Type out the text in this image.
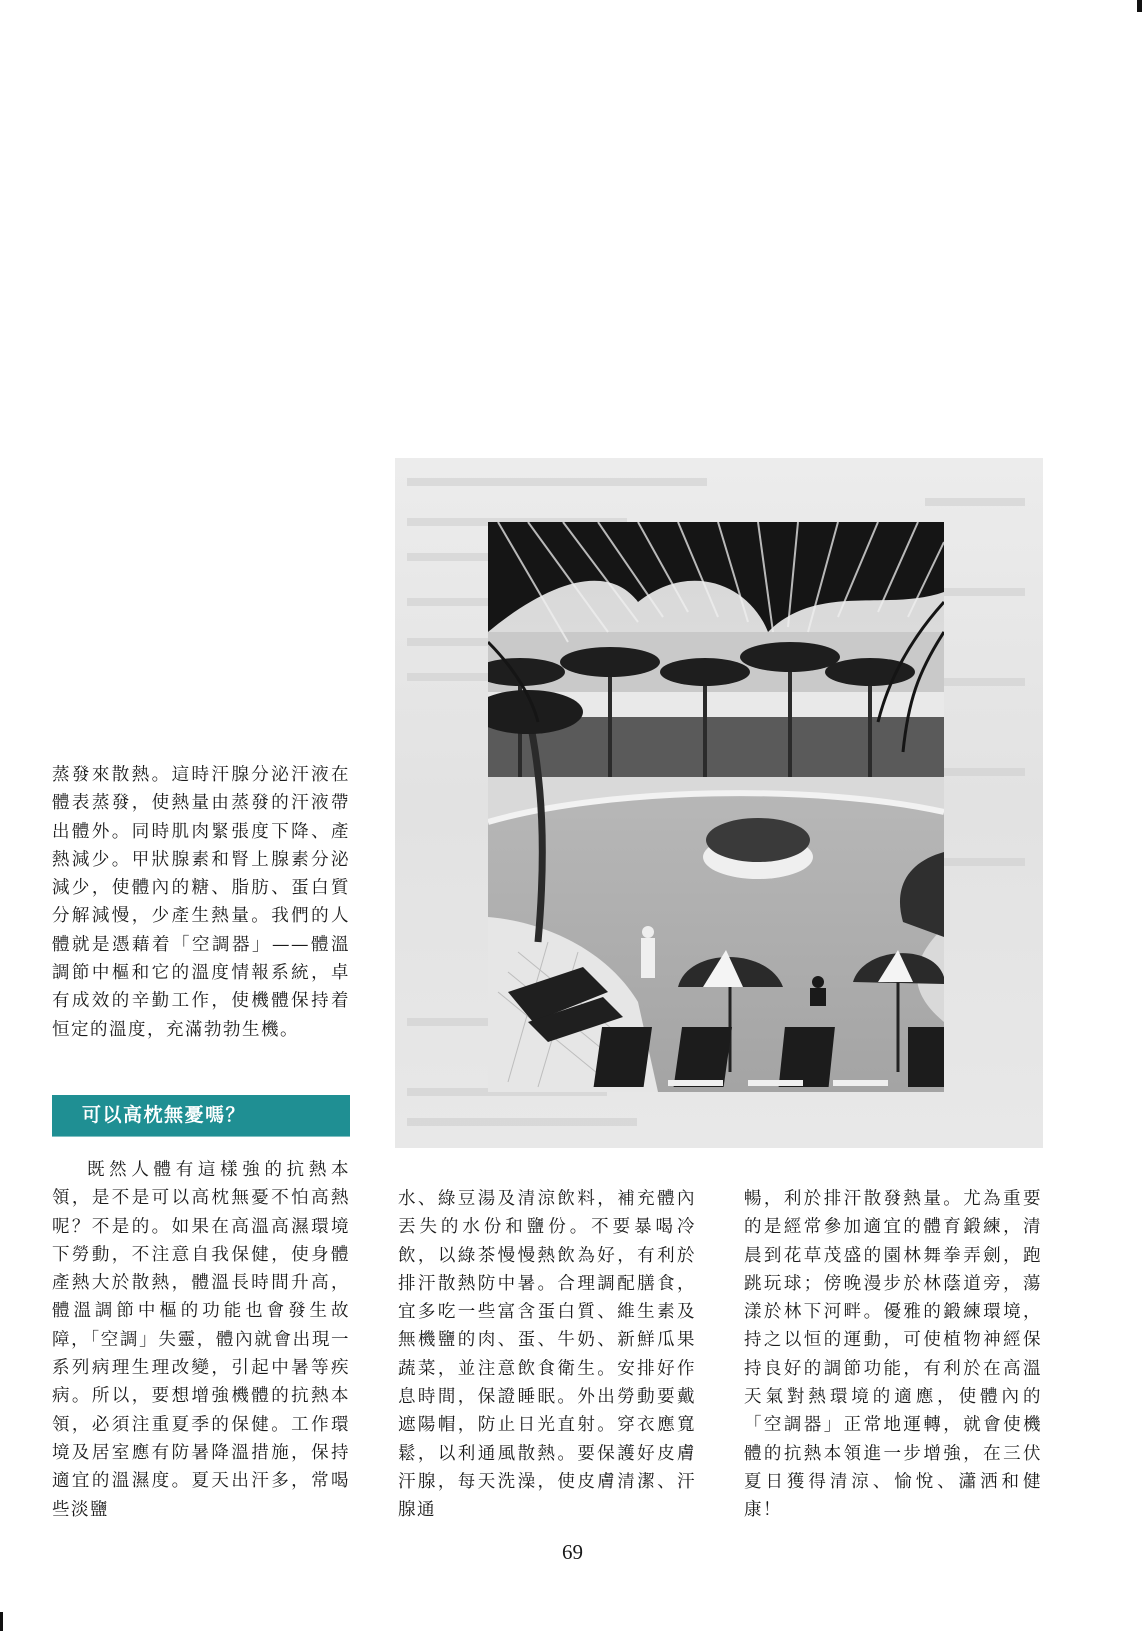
蒸發來散熱。這時汗腺分泌汗液在體表蒸發，使熱量由蒸發的汗液帶出體外。同時肌肉緊張度下降、產熱減少。甲狀腺素和腎上腺素分泌減少，使體內的糖、脂肪、蛋白質分解減慢，少產生熱量。我們的人體就是憑藉着「空調器」——體溫調節中樞和它的溫度情報系統，卓有成效的辛勤工作，使機體保持着恒定的溫度，充滿勃勃生機。

可以高枕無憂嗎？

既然人體有這樣強的抗熱本領，是不是可以高枕無憂不怕高熱呢？不是的。如果在高溫高濕環境下勞動，不注意自我保健，使身體產熱大於散熱，體溫長時間升高，體溫調節中樞的功能也會發生故障，「空調」失靈，體內就會出現一系列病理生理改變，引起中暑等疾病。所以，要想增強機體的抗熱本領，必須注重夏季的保健。工作環境及居室應有防暑降溫措施，保持適宜的溫濕度。夏天出汗多，常喝些淡鹽

水、綠豆湯及清涼飲料，補充體內丟失的水份和鹽份。不要暴喝冷飲，以綠茶慢慢熱飲為好，有利於排汗散熱防中暑。合理調配膳食，宜多吃一些富含蛋白質、維生素及無機鹽的肉、蛋、牛奶、新鮮瓜果蔬菜，並注意飲食衛生。安排好作息時間，保證睡眠。外出勞動要戴遮陽帽，防止日光直射。穿衣應寬鬆，以利通風散熱。要保護好皮膚汗腺，每天洗澡，使皮膚清潔、汗腺通

暢，利於排汗散發熱量。尤為重要的是經常參加適宜的體育鍛練，清晨到花草茂盛的園林舞拳弄劍，跑跳玩球；傍晚漫步於林蔭道旁，蕩漾於林下河畔。優雅的鍛練環境，持之以恒的運動，可使植物神經保持良好的調節功能，有利於在高溫天氣對熱環境的適應，使體內的「空調器」正常地運轉，就會使機體的抗熱本領進一步增強，在三伏夏日獲得清涼、愉悅、瀟洒和健康！

69
